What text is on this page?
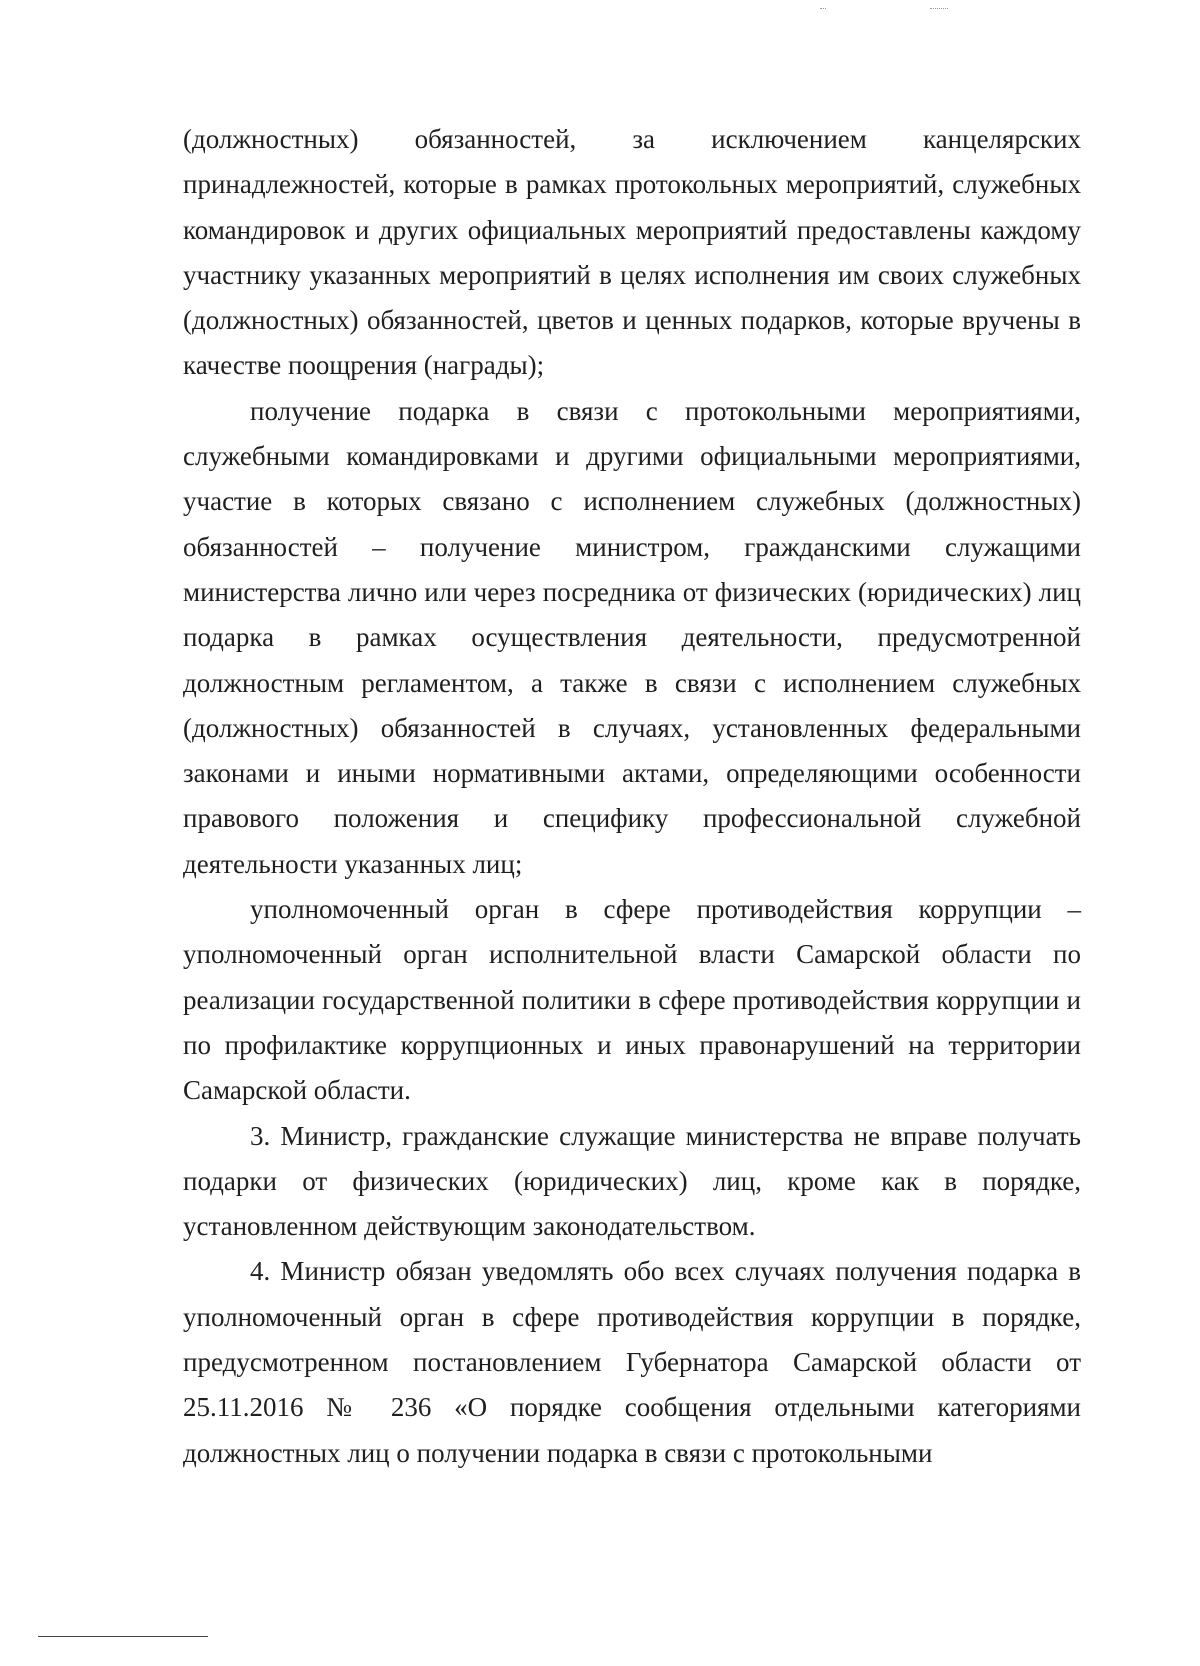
(должностных) обязанностей, за исключением канцелярских принадлежностей, которые в рамках протокольных мероприятий, служебных командировок и других официальных мероприятий предоставлены каждому участнику указанных мероприятий в целях исполнения им своих служебных (должностных) обязанностей, цветов и ценных подарков, которые вручены в качестве поощрения (награды);

получение подарка в связи с протокольными мероприятиями, служебными командировками и другими официальными мероприятиями, участие в которых связано с исполнением служебных (должностных) обязанностей – получение министром, гражданскими служащими министерства лично или через посредника от физических (юридических) лиц подарка в рамках осуществления деятельности, предусмотренной должностным регламентом, а также в связи с исполнением служебных (должностных) обязанностей в случаях, установленных федеральными законами и иными нормативными актами, определяющими особенности правового положения и специфику профессиональной служебной деятельности указанных лиц;

уполномоченный орган в сфере противодействия коррупции – уполномоченный орган исполнительной власти Самарской области по реализации государственной политики в сфере противодействия коррупции и по профилактике коррупционных и иных правонарушений на территории Самарской области.

3. Министр, гражданские служащие министерства не вправе получать подарки от физических (юридических) лиц, кроме как в порядке, установленном действующим законодательством.

4. Министр обязан уведомлять обо всех случаях получения подарка в уполномоченный орган в сфере противодействия коррупции в порядке, предусмотренном постановлением Губернатора Самарской области от 25.11.2016 № 236 «О порядке сообщения отдельными категориями должностных лиц о получении подарка в связи с протокольными
